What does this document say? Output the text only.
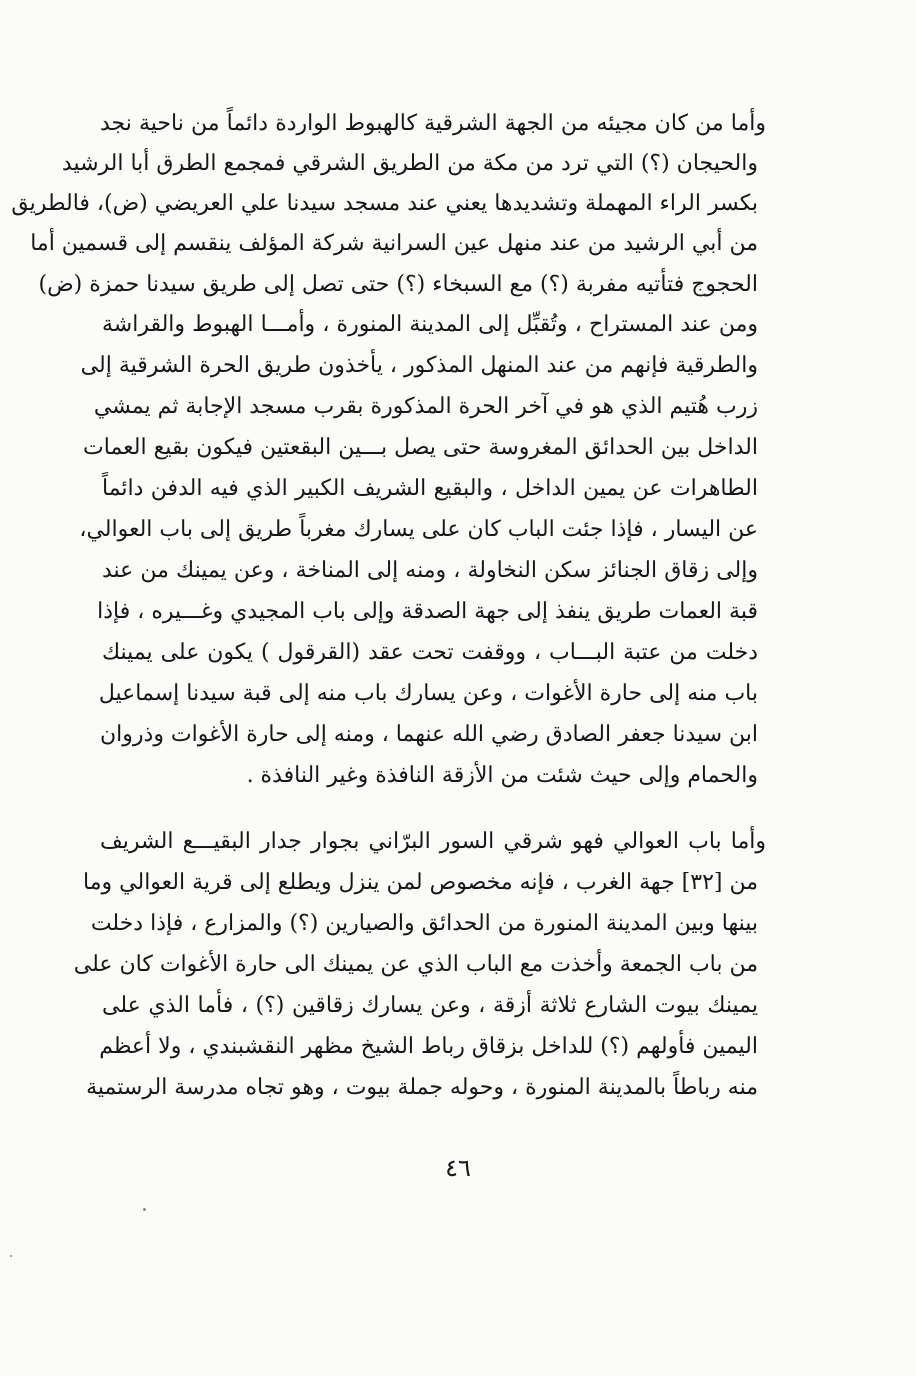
وأما من كان مجيئه من الجهة الشرقية كالهبوط الواردة دائماً من ناحية نجد
والحيجان (؟) التي ترد من مكة من الطريق الشرقي فمجمع الطرق أبا الرشيد
بكسر الراء المهملة وتشديدها يعني عند مسجد سيدنا علي العريضي (ض)، فالطريق
من أبي الرشيد من عند منهل عين السرانية شركة المؤلف ينقسم إلى قسمين أما
الحجوج فتأتيه مفربة (؟) مع السبخاء (؟) حتى تصل إلى طريق سيدنا حمزة (ض)
ومن عند المستراح ، وتُقبِّل إلى المدينة المنورة ، وأمـــا الهبوط والقراشة
والطرقية فإنهم من عند المنهل المذكور ، يأخذون طريق الحرة الشرقية إلى
زرب هُتيم الذي هو في آخر الحرة المذكورة بقرب مسجد الإجابة ثم يمشي
الداخل بين الحدائق المغروسة حتى يصل بـــين البقعتين فيكون بقيع العمات
الطاهرات عن يمين الداخل ، والبقيع الشريف الكبير الذي فيه الدفن دائماً
عن اليسار ، فإذا جئت الباب كان على يسارك مغرباً طريق إلى باب العوالي،
وإلى زقاق الجنائز سكن النخاولة ، ومنه إلى المناخة ، وعن يمينك من عند
قبة العمات طريق ينفذ إلى جهة الصدقة وإلى باب المجيدي وغـــيره ، فإذا
دخلت من عتبة البـــاب ، ووقفت تحت عقد (القرقول ) يكون على يمينك
باب منه إلى حارة الأغوات ، وعن يسارك باب منه إلى قبة سيدنا إسماعيل
ابن سيدنا جعفر الصادق رضي الله عنهما ، ومنه إلى حارة الأغوات وذروان
والحمام وإلى حيث شئت من الأزقة النافذة وغير النافذة .
وأما باب العوالي فهو شرقي السور البرّاني بجوار جدار البقيـــع الشريف
من [٣٢] جهة الغرب ، فإنه مخصوص لمن ينزل ويطلع إلى قرية العوالي وما
بينها وبين المدينة المنورة من الحدائق والصيارين (؟) والمزارع ، فإذا دخلت
من باب الجمعة وأخذت مع الباب الذي عن يمينك الى حارة الأغوات كان على
يمينك بيوت الشارع ثلاثة أزقة ، وعن يسارك زقاقين (؟) ، فأما الذي على
اليمين فأولهم (؟) للداخل بزقاق رباط الشيخ مظهر النقشبندي ، ولا أعظم
منه رباطاً بالمدينة المنورة ، وحوله جملة بيوت ، وهو تجاه مدرسة الرستمية
٤٦
